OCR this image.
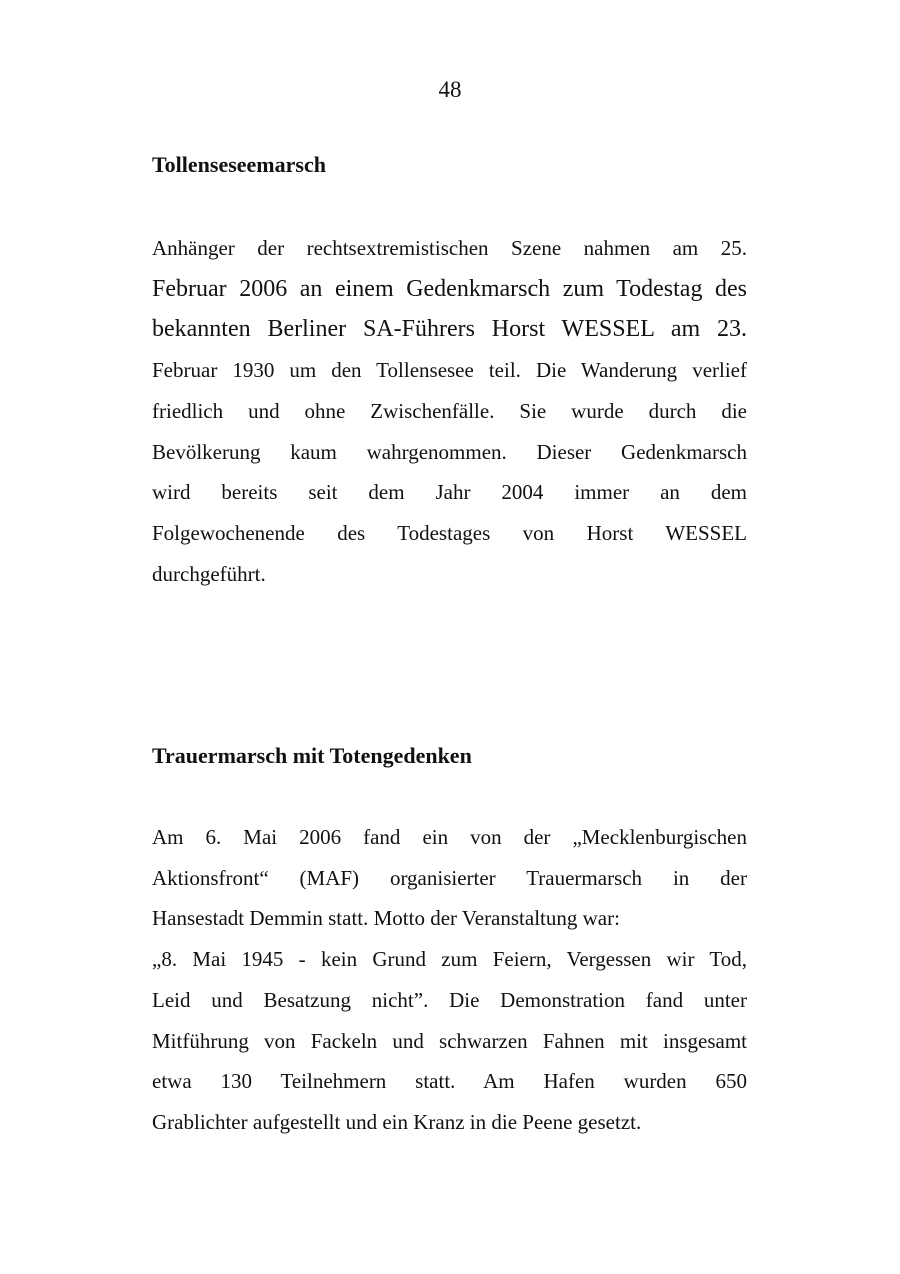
48
Tollenseseemarsch

Anhänger der rechtsextremistischen Szene nahmen am 25.
Februar 2006 an einem Gedenkmarsch zum Todestag des
bekannten Berliner SA-Führers Horst WESSEL am 23.
Februar 1930 um den Tollensesee teil. Die Wanderung verlief
friedlich und ohne Zwischenfälle. Sie wurde durch die
Bevölkerung kaum wahrgenommen. Dieser Gedenkmarsch
wird bereits seit dem Jahr 2004 immer an dem
Folgewochenende des Todestages von Horst WESSEL
durchgeführt.

Trauermarsch mit Totengedenken

Am 6. Mai 2006 fand ein von der „Mecklenburgischen
Aktionsfront“ (MAF) organisierter Trauermarsch in der
Hansestadt Demmin statt. Motto der Veranstaltung war:
„8. Mai 1945 - kein Grund zum Feiern, Vergessen wir Tod,
Leid und Besatzung nicht”. Die Demonstration fand unter
Mitführung von Fackeln und schwarzen Fahnen mit insgesamt
etwa 130 Teilnehmern statt. Am Hafen wurden 650
Grablichter aufgestellt und ein Kranz in die Peene gesetzt.
